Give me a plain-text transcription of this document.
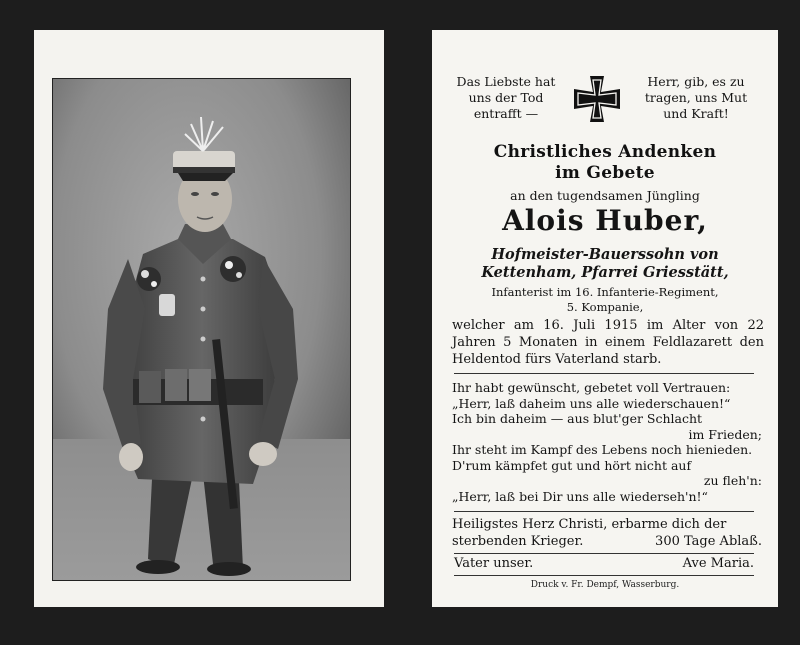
Das Liebste hat
uns der Tod
entrafft —
Herr, gib, es zu
tragen, uns Mut
und Kraft!
Christliches Andenken
im Gebete
an den tugendsamen Jüngling
Alois Huber,
Hofmeister-Bauerssohn von
Kettenham, Pfarrei Griesstätt,
Infanterist im 16. Infanterie-Regiment,
5. Kompanie,
welcher am 16. Juli 1915 im Alter von 22 Jahren 5 Monaten in einem Feldlazarett den Heldentod fürs Vaterland starb.
Ihr habt gewünscht, gebetet voll Vertrauen:
„Herr, laß daheim uns alle wiederschauen!“
Ich bin daheim — aus blut'ger Schlacht
im Frieden;
Ihr steht im Kampf des Lebens noch hienieden.
D'rum kämpfet gut und hört nicht auf
zu fleh'n:
„Herr, laß bei Dir uns alle wiederseh'n!“
Heiligstes Herz Christi, erbarme dich der
sterbenden Krieger.	300 Tage Ablaß.
Vater unser.	Ave Maria.
Druck v. Fr. Dempf, Wasserburg.
